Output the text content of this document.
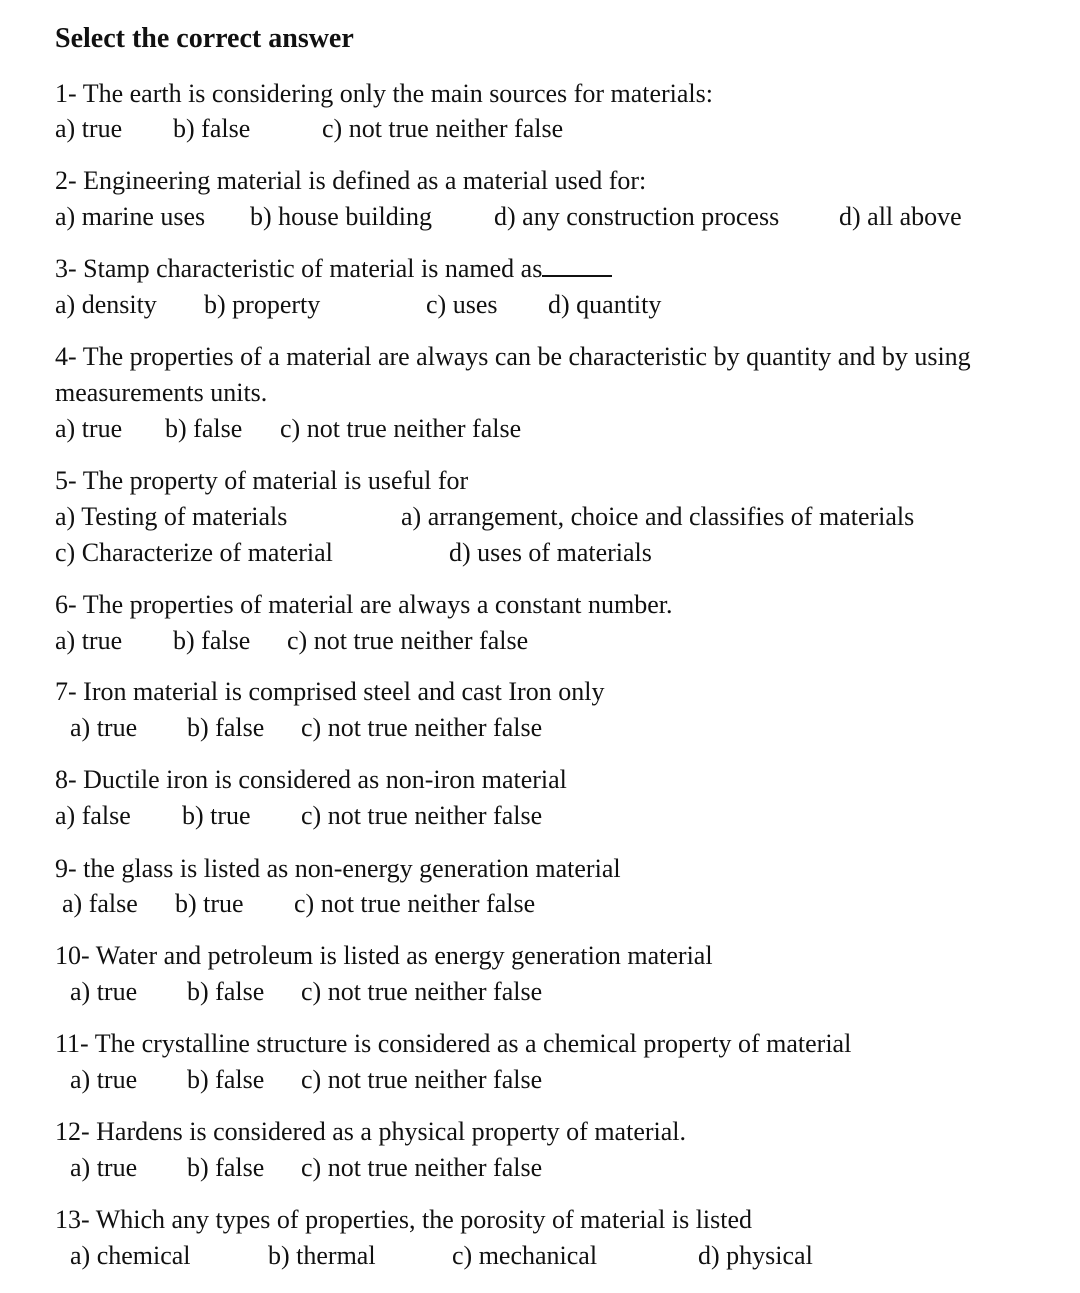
Select the correct answer
1- The earth is considering only the main sources for materials:
a) true b) false	c) not true neither false
2- Engineering material is defined as a material used for:
a) marine uses b) house building d) any construction process d) all above
3- Stamp characteristic of material is named as
a) density b) property	c) uses d) quantity
4- The properties of a material are always can be characteristic by quantity and by using
measurements units.
a) true b) false c) not true neither false
5- The property of material is useful for
a) Testing of materials	a) arrangement, choice and classifies of materials
c) Characterize of material	d) uses of materials
6- The properties of material are always a constant number.
a) true b) false c) not true neither false
7- Iron material is comprised steel and cast Iron only
a) true b) false c) not true neither false
8- Ductile iron is considered as non-iron material
a) false b) true c) not true neither false
9- the glass is listed as non-energy generation material
a) false b) true c) not true neither false
10- Water and petroleum is listed as energy generation material
a) true b) false c) not true neither false
11- The crystalline structure is considered as a chemical property of material
a) true b) false c) not true neither false
12- Hardens is considered as a physical property of material.
a) true b) false c) not true neither false
13- Which any types of properties, the porosity of material is listed
a) chemical	b) thermal	c) mechanical	d) physical
